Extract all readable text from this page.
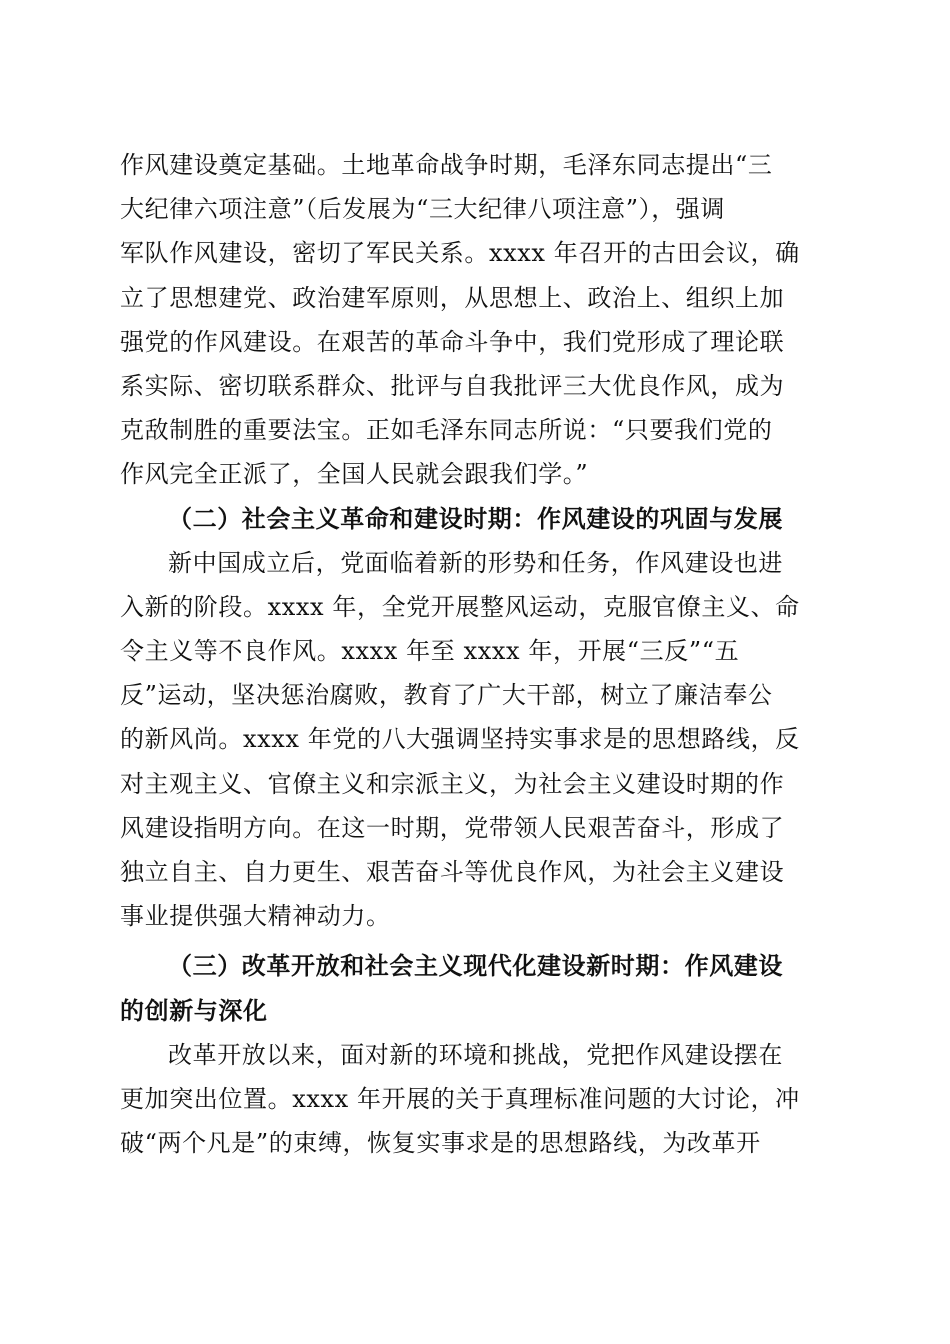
作风建设奠定基础。土地革命战争时期，毛泽东同志提出“三
大纪律六项注意”（后发展为“三大纪律八项注意”），强调
军队作风建设，密切了军民关系。xxxx 年召开的古田会议，确
立了思想建党、政治建军原则，从思想上、政治上、组织上加
强党的作风建设。在艰苦的革命斗争中，我们党形成了理论联
系实际、密切联系群众、批评与自我批评三大优良作风，成为
克敌制胜的重要法宝。正如毛泽东同志所说：“只要我们党的
作风完全正派了，全国人民就会跟我们学。”
（二）社会主义革命和建设时期：作风建设的巩固与发展
新中国成立后，党面临着新的形势和任务，作风建设也进
入新的阶段。xxxx 年，全党开展整风运动，克服官僚主义、命
令主义等不良作风。xxxx 年至 xxxx 年，开展“三反”“五
反”运动，坚决惩治腐败，教育了广大干部，树立了廉洁奉公
的新风尚。xxxx 年党的八大强调坚持实事求是的思想路线，反
对主观主义、官僚主义和宗派主义，为社会主义建设时期的作
风建设指明方向。在这一时期，党带领人民艰苦奋斗，形成了
独立自主、自力更生、艰苦奋斗等优良作风，为社会主义建设
事业提供强大精神动力。
（三）改革开放和社会主义现代化建设新时期：作风建设
的创新与深化
改革开放以来，面对新的环境和挑战，党把作风建设摆在
更加突出位置。xxxx 年开展的关于真理标准问题的大讨论，冲
破“两个凡是”的束缚，恢复实事求是的思想路线，为改革开
